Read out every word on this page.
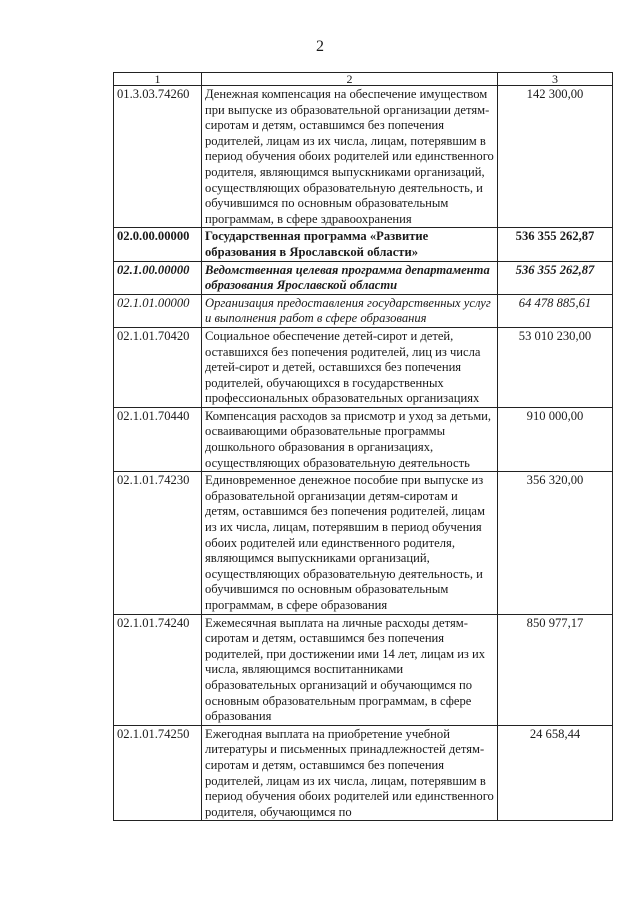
2
1	2	3
01.3.03.74260	Денежная компенсация на обеспечение имуществом при выпуске из образовательной организации детям-сиротам и детям, оставшимся без попечения родителей, лицам из их числа, лицам, потерявшим в период обучения обоих родителей или единственного родителя, являющимся выпускниками организаций, осуществляющих образовательную деятельность, и обучившимся по основным образовательным программам, в сфере здравоохранения	142 300,00
02.0.00.00000	Государственная программа «Развитие образования в Ярославской области»	536 355 262,87
02.1.00.00000	Ведомственная целевая программа департамента образования Ярославской области	536 355 262,87
02.1.01.00000	Организация предоставления государственных услуг и выполнения работ в сфере образования	64 478 885,61
02.1.01.70420	Социальное обеспечение детей-сирот и детей, оставшихся без попечения родителей, лиц из числа детей-сирот и детей, оставшихся без попечения родителей, обучающихся в государственных профессиональных образовательных организациях	53 010 230,00
02.1.01.70440	Компенсация расходов за присмотр и уход за детьми, осваивающими образовательные программы дошкольного образования в организациях, осуществляющих образовательную деятельность	910 000,00
02.1.01.74230	Единовременное денежное пособие при выпуске из образовательной организации детям-сиротам и детям, оставшимся без попечения родителей, лицам из их числа, лицам, потерявшим в период обучения обоих родителей или единственного родителя, являющимся выпускниками организаций, осуществляющих образовательную деятельность, и обучившимся по основным образовательным программам, в сфере образования	356 320,00
02.1.01.74240	Ежемесячная выплата на личные расходы детям-сиротам и детям, оставшимся без попечения родителей, при достижении ими 14 лет, лицам из их числа, являющимся воспитанниками образовательных организаций и обучающимся по основным образовательным программам, в сфере образования	850 977,17
02.1.01.74250	Ежегодная выплата на приобретение учебной литературы и письменных принадлежностей детям-сиротам и детям, оставшимся без попечения родителей, лицам из их числа, лицам, потерявшим в период обучения обоих родителей или единственного родителя, обучающимся по	24 658,44
